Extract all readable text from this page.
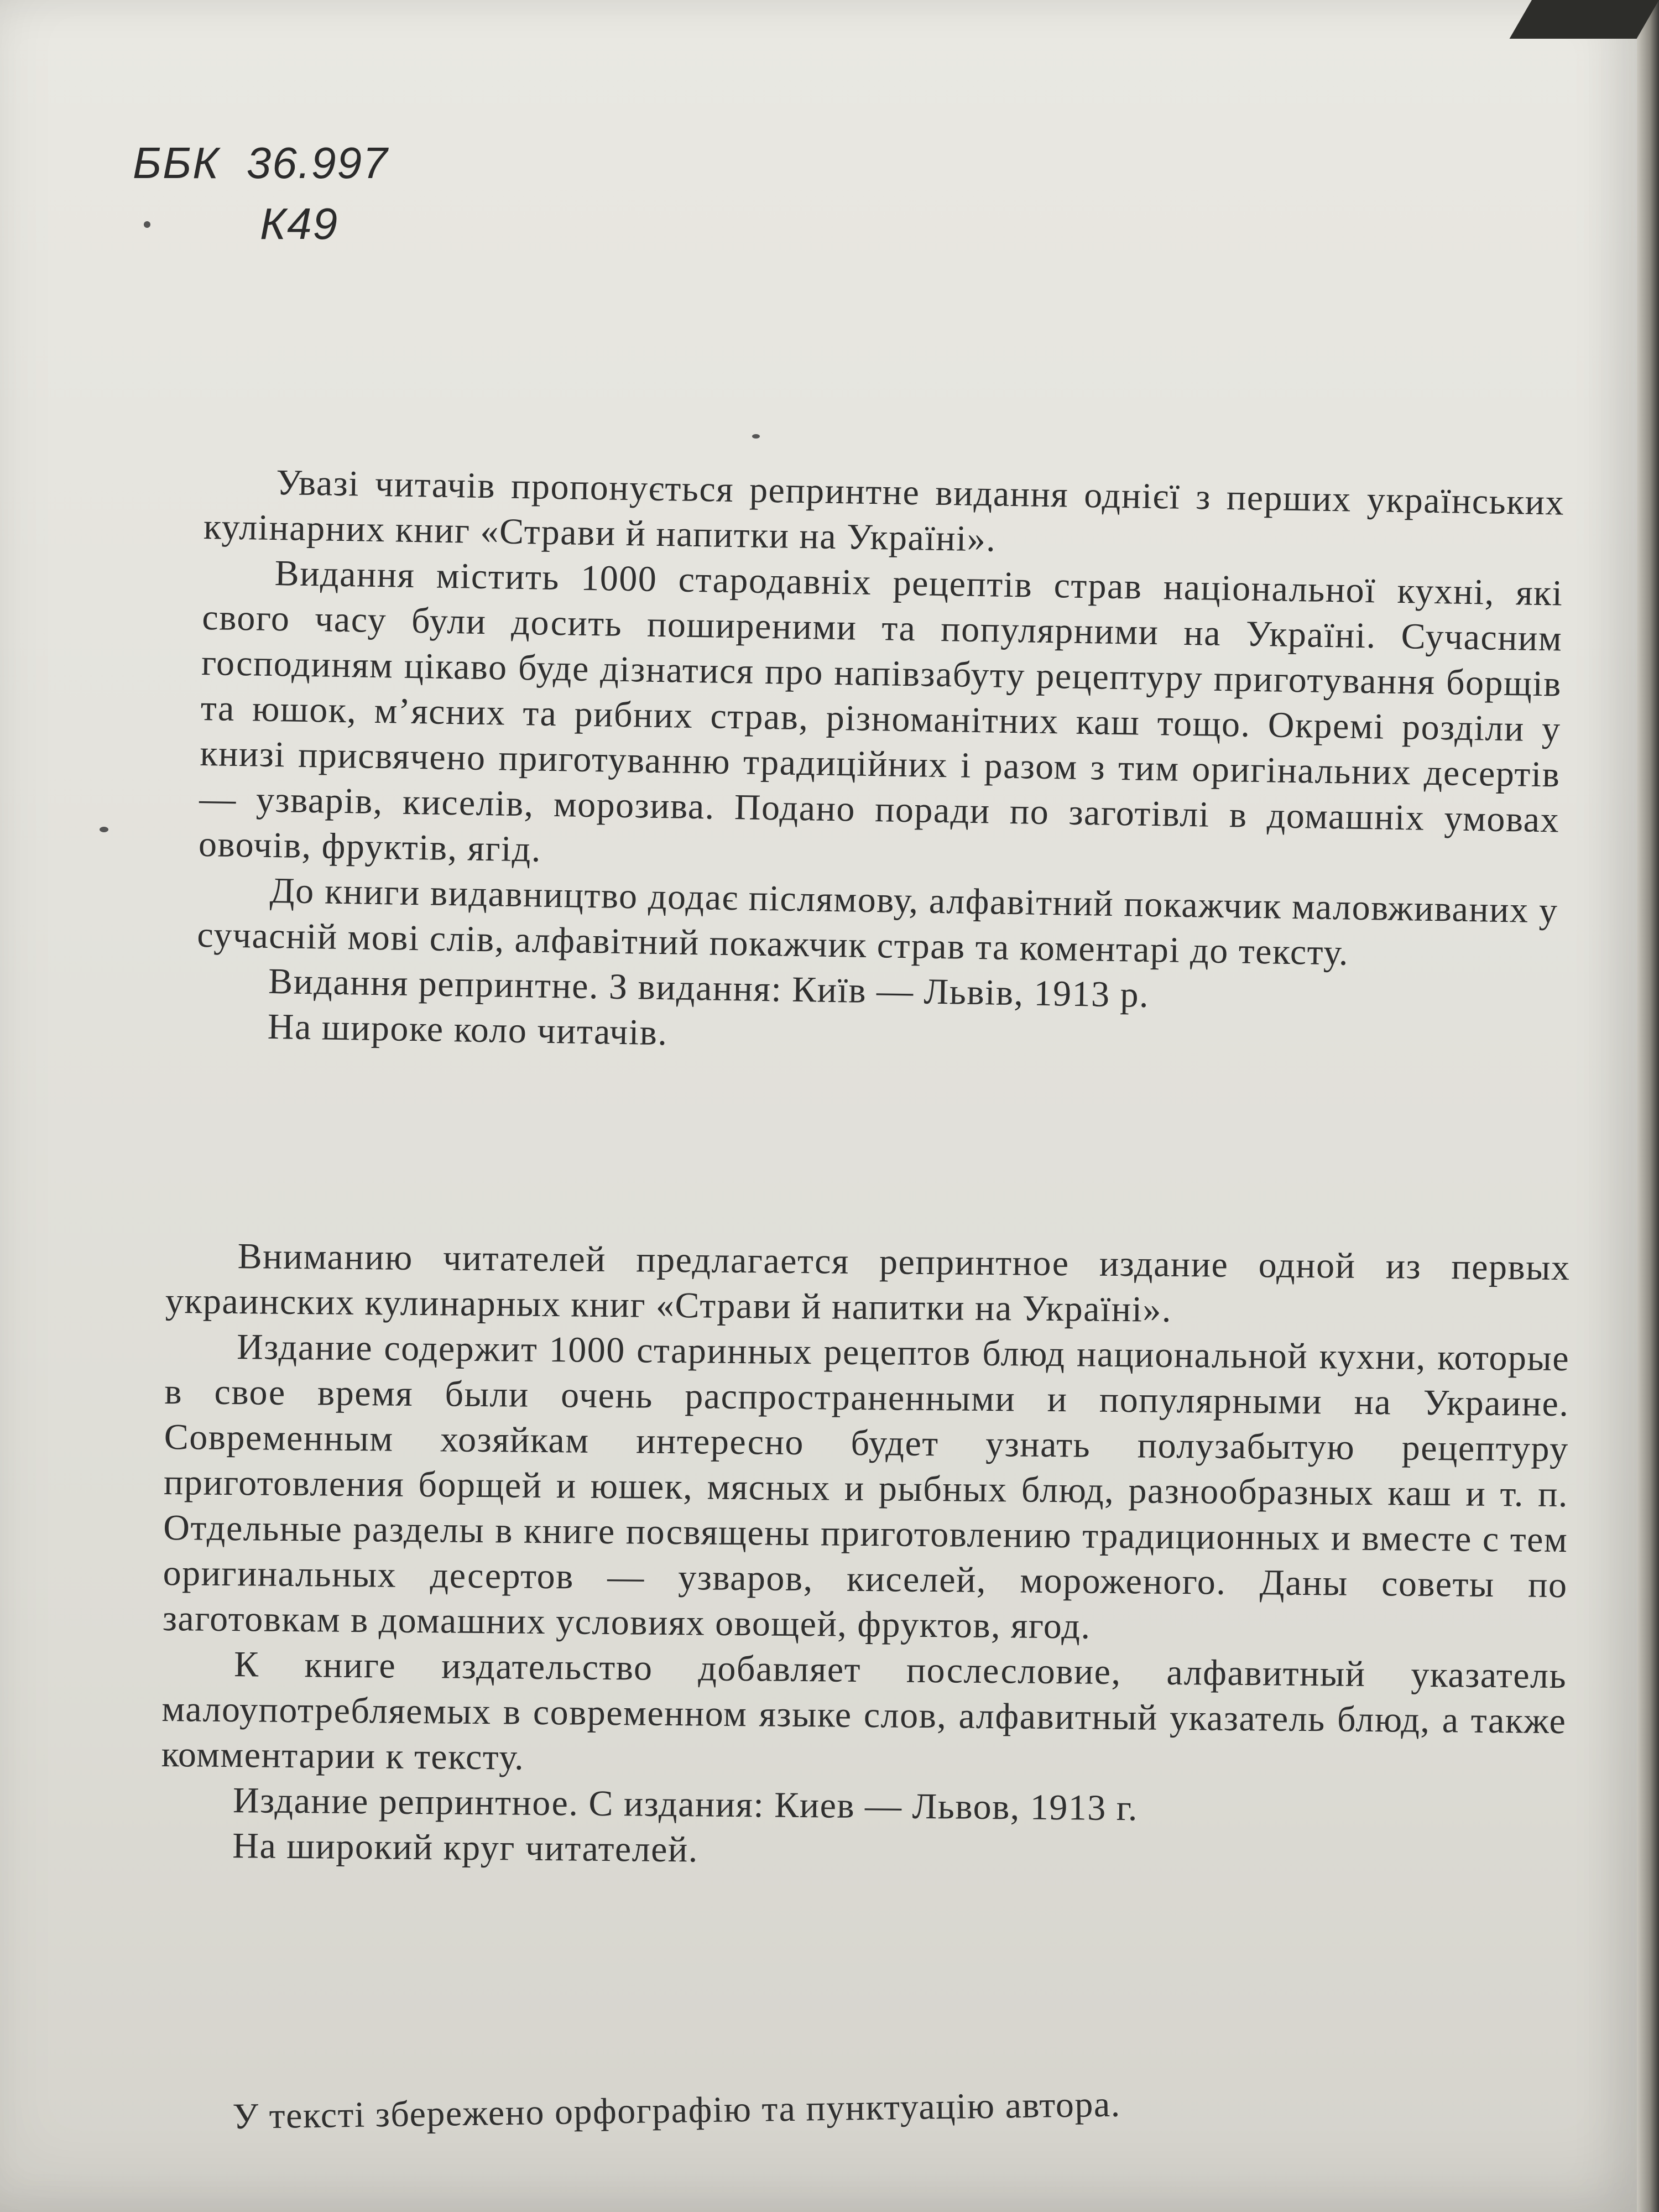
ББК 36.997
К49

Увазі читачів пропонується репринтне видання однієї з перших українських кулінарних книг «Страви й напитки на Україні».

Видання містить 1000 стародавніх рецептів страв національної кухні, які свого часу були досить поширеними та популярними на Україні. Сучасним господиням цікаво буде дізнатися про напівзабуту рецептуру приготування борщів та юшок, м’ясних та рибних страв, різноманітних каш тощо. Окремі розділи у книзі присвячено приготуванню традиційних і разом з тим оригінальних десертів — узварів, киселів, морозива. Подано поради по заготівлі в домашніх умовах овочів, фруктів, ягід.

До книги видавництво додає післямову, алфавітний покажчик маловживаних у сучасній мові слів, алфавітний покажчик страв та коментарі до тексту.

Видання репринтне. З видання: Київ — Львів, 1913 р.

На широке коло читачів.

Вниманию читателей предлагается репринтное издание одной из первых украинских кулинарных книг «Страви й напитки на Україні».

Издание содержит 1000 старинных рецептов блюд национальной кухни, которые в свое время были очень распространенными и популярными на Украине. Современным хозяйкам интересно будет узнать полузабытую рецептуру приготовления борщей и юшек, мясных и рыбных блюд, разнообразных каш и т. п. Отдельные разделы в книге посвящены приготовлению традиционных и вместе с тем оригинальных десертов — узваров, киселей, мороженого. Даны советы по заготовкам в домашних условиях овощей, фруктов, ягод.

К книге издательство добавляет послесловие, алфавитный указатель малоупотребляемых в современном языке слов, алфавитный указатель блюд, а также комментарии к тексту.

Издание репринтное. С издания: Киев — Львов, 1913 г.

На широкий круг читателей.

У тексті збережено орфографію та пунктуацію автора.
